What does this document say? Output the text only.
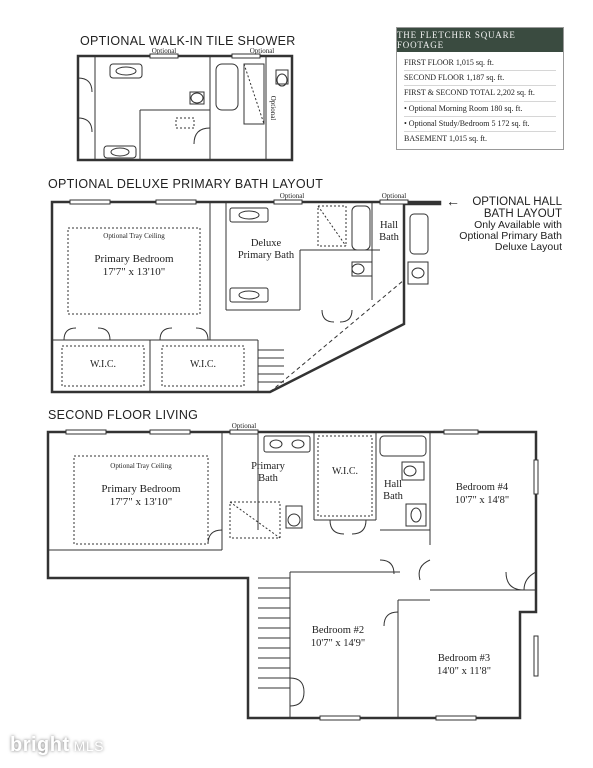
OPTIONAL WALK-IN TILE SHOWER
OPTIONAL DELUXE PRIMARY BATH LAYOUT
SECOND FLOOR LIVING
THE FLETCHER SQUARE FOOTAGE
FIRST FLOOR 1,015 sq. ft.
SECOND FLOOR 1,187 sq. ft.
FIRST & SECOND TOTAL 2,202 sq. ft.
• Optional Morning Room 180 sq. ft.
• Optional Study/Bedroom 5 172 sq. ft.
BASEMENT 1,015 sq. ft.
←	OPTIONAL HALL
BATH LAYOUT
Only Available with
Optional Primary Bath
Deluxe Layout
Optional	Optional
Optional
Optional	Optional
Optional Tray Ceiling
Primary Bedroom
17'7" x 13'10"
Deluxe
Primary Bath
Hall
Bath
W.I.C.	W.I.C.
Optional
Optional Tray Ceiling
Primary Bedroom
17'7" x 13'10"
Primary
Bath
W.I.C.
Hall
Bath
Bedroom #4
10'7" x 14'8"
Bedroom #2
10'7" x 14'9"
Bedroom #3
14'0" x 11'8"
bright MLS
